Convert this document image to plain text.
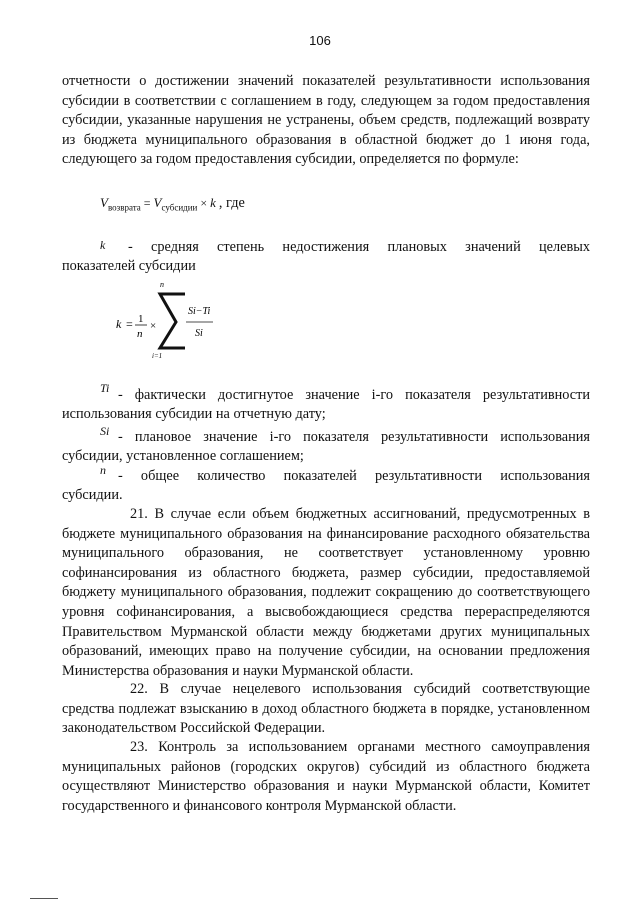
106
отчетности о достижении значений показателей результативности использования субсидии в соответствии с соглашением в году, следующем за годом предоставления субсидии, указанные нарушения не устранены, объем средств, подлежащий возврату из бюджета муниципального образования в областной бюджет до 1 июня года, следующего за годом предоставления субсидии, определяется по формуле:
$V_{возврата} = V_{субсидии} \times k$ , где
k - средняя степень недостижения плановых значений целевых
показателей субсидии
k = 1
n
×
n
i=1
Si−Ti
Si
Ti - фактически достигнутое значение i-го показателя результативности
использования субсидии на отчетную дату;
Si - плановое значение i-го показателя результативности использования
субсидии, установленное соглашением;
n - общее количество показателей результативности использования
субсидии.
21. В случае если объем бюджетных ассигнований, предусмотренных в бюджете муниципального образования на финансирование расходного обязательства муниципального образования, не соответствует установленному уровню софинансирования из областного бюджета, размер субсидии, предоставляемой бюджету муниципального образования, подлежит сокращению до соответствующего уровня софинансирования, а высвобождающиеся средства перераспределяются Правительством Мурманской области между бюджетами других муниципальных образований, имеющих право на получение субсидии, на основании предложения Министерства образования и науки Мурманской области.
22. В случае нецелевого использования субсидий соответствующие средства подлежат взысканию в доход областного бюджета в порядке, установленном законодательством Российской Федерации.
23. Контроль за использованием органами местного самоуправления муниципальных районов (городских округов) субсидий из областного бюджета осуществляют Министерство образования и науки Мурманской области, Комитет государственного и финансового контроля Мурманской области.
